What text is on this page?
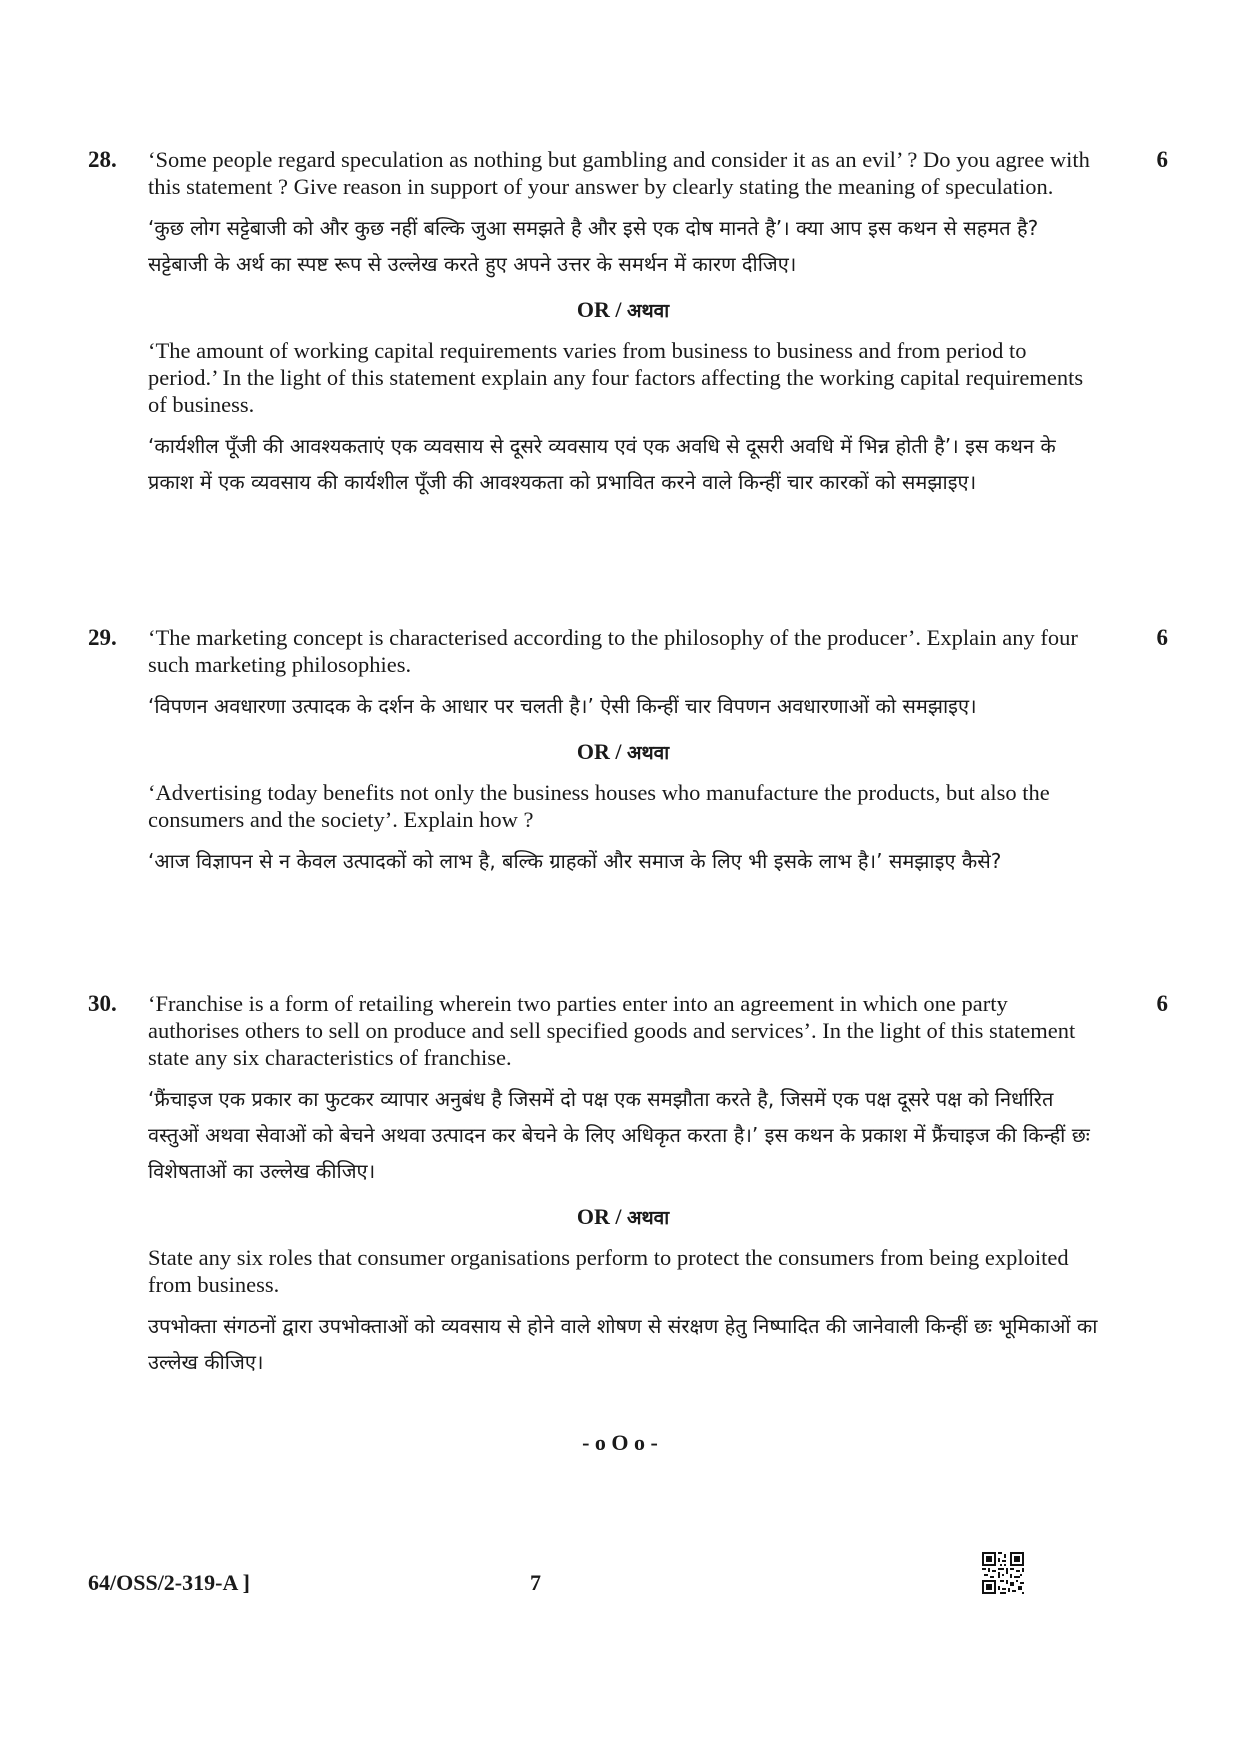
28.	6

‘Some people regard speculation as nothing but gambling and consider it as an evil’ ? Do you agree with this statement ? Give reason in support of your answer by clearly stating the meaning of speculation.

‘कुछ लोग सट्टेबाजी को और कुछ नहीं बल्कि जुआ समझते है और इसे एक दोष मानते है’। क्या आप इस कथन से सहमत है? सट्टेबाजी के अर्थ का स्पष्ट रूप से उल्लेख करते हुए अपने उत्तर के समर्थन में कारण दीजिए।

OR / अथवा

‘The amount of working capital requirements varies from business to business and from period to period.’ In the light of this statement explain any four factors affecting the working capital requirements of business.

‘कार्यशील पूँजी की आवश्यकताएं एक व्यवसाय से दूसरे व्यवसाय एवं एक अवधि से दूसरी अवधि में भिन्न होती है’। इस कथन के प्रकाश में एक व्यवसाय की कार्यशील पूँजी की आवश्यकता को प्रभावित करने वाले किन्हीं चार कारकों को समझाइए।

29.	6

‘The marketing concept is characterised according to the philosophy of the producer’. Explain any four such marketing philosophies.

‘विपणन अवधारणा उत्पादक के दर्शन के आधार पर चलती है।’ ऐसी किन्हीं चार विपणन अवधारणाओं को समझाइए।

OR / अथवा

‘Advertising today benefits not only the business houses who manufacture the products, but also the consumers and the society’. Explain how ?

‘आज विज्ञापन से न केवल उत्पादकों को लाभ है, बल्कि ग्राहकों और समाज के लिए भी इसके लाभ है।’ समझाइए कैसे?

30.	6

‘Franchise is a form of retailing wherein two parties enter into an agreement in which one party authorises others to sell on produce and sell specified goods and services’. In the light of this statement state any six characteristics of franchise.

‘फ्रैंचाइज एक प्रकार का फुटकर व्यापार अनुबंध है जिसमें दो पक्ष एक समझौता करते है, जिसमें एक पक्ष दूसरे पक्ष को निर्धारित वस्तुओं अथवा सेवाओं को बेचने अथवा उत्पादन कर बेचने के लिए अधिकृत करता है।’ इस कथन के प्रकाश में फ्रैंचाइज की किन्हीं छः विशेषताओं का उल्लेख कीजिए।

OR / अथवा

State any six roles that consumer organisations perform to protect the consumers from being exploited from business.

उपभोक्ता संगठनों द्वारा उपभोक्ताओं को व्यवसाय से होने वाले शोषण से संरक्षण हेतु निष्पादित की जानेवाली किन्हीं छः भूमिकाओं का उल्लेख कीजिए।

- o O o -
64/OSS/2-319-A ]	7
